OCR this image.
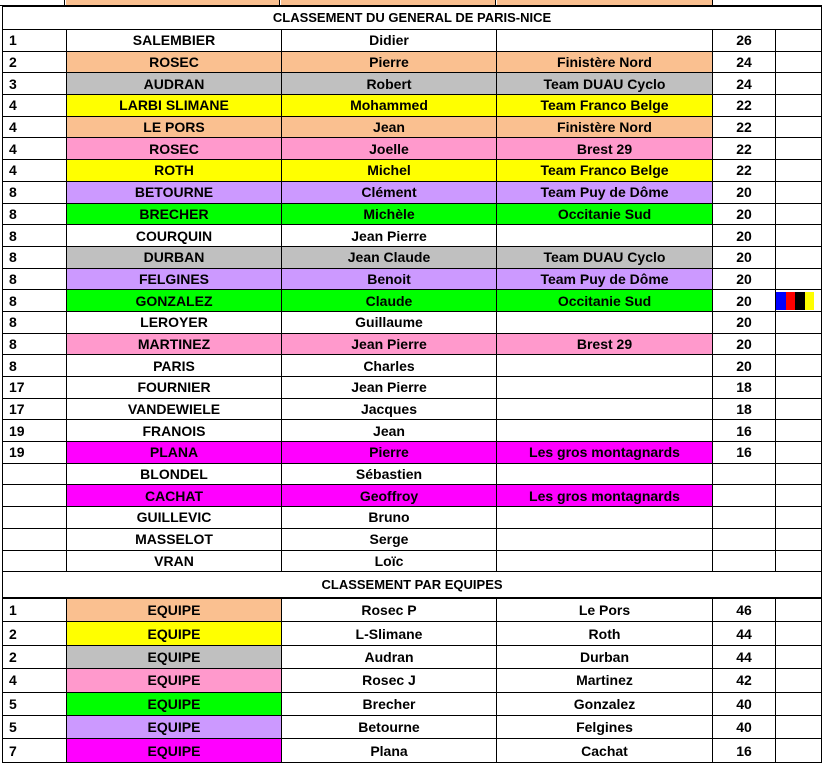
CLASSEMENT DU GENERAL DE PARIS-NICE					
1	SALEMBIER	Didier		26	
2	ROSEC	Pierre	Finistère Nord	24	
3	AUDRAN	Robert	Team DUAU Cyclo	24	
4	LARBI SLIMANE	Mohammed	Team Franco Belge	22	
4	LE PORS	Jean	Finistère Nord	22	
4	ROSEC	Joelle	Brest 29	22	
4	ROTH	Michel	Team Franco Belge	22	
8	BETOURNE	Clément	Team Puy de Dôme	20	
8	BRECHER	Michèle	Occitanie Sud	20	
8	COURQUIN	Jean Pierre		20	
8	DURBAN	Jean Claude	Team DUAU Cyclo	20	
8	FELGINES	Benoit	Team Puy de Dôme	20	
8	GONZALEZ	Claude	Occitanie Sud	20	

8	LEROYER	Guillaume		20	
8	MARTINEZ	Jean Pierre	Brest 29	20	
8	PARIS	Charles		20	
17	FOURNIER	Jean Pierre		18	
17	VANDEWIELE	Jacques		18	
19	FRANOIS	Jean		16	
19	PLANA	Pierre	Les gros montagnards	16	
	BLONDEL	Sébastien			
	CACHAT	Geoffroy	Les gros montagnards		
	GUILLEVIC	Bruno			
	MASSELOT	Serge			
	VRAN	Loïc			
CLASSEMENT PAR EQUIPES					
1	EQUIPE	Rosec P	Le Pors	46	
2	EQUIPE	L-Slimane	Roth	44	
2	EQUIPE	Audran	Durban	44	
4	EQUIPE	Rosec J	Martinez	42	
5	EQUIPE	Brecher	Gonzalez	40	
5	EQUIPE	Betourne	Felgines	40	
7	EQUIPE	Plana	Cachat	16	
